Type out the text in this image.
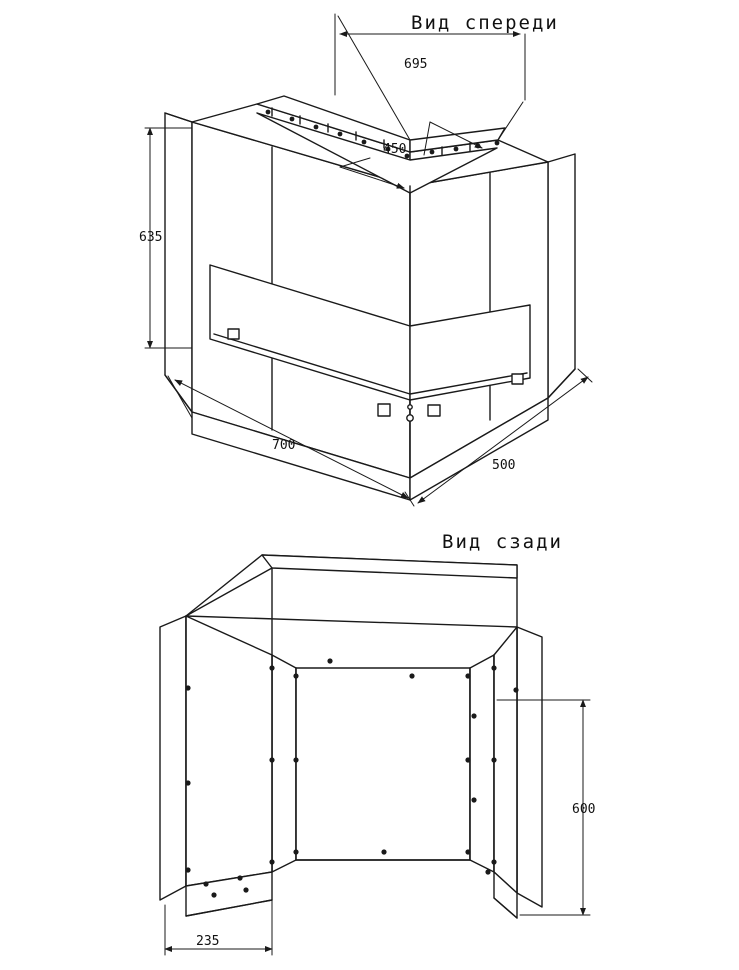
Вид спереди
Вид сзади
695
450
635
700
500
600
235
